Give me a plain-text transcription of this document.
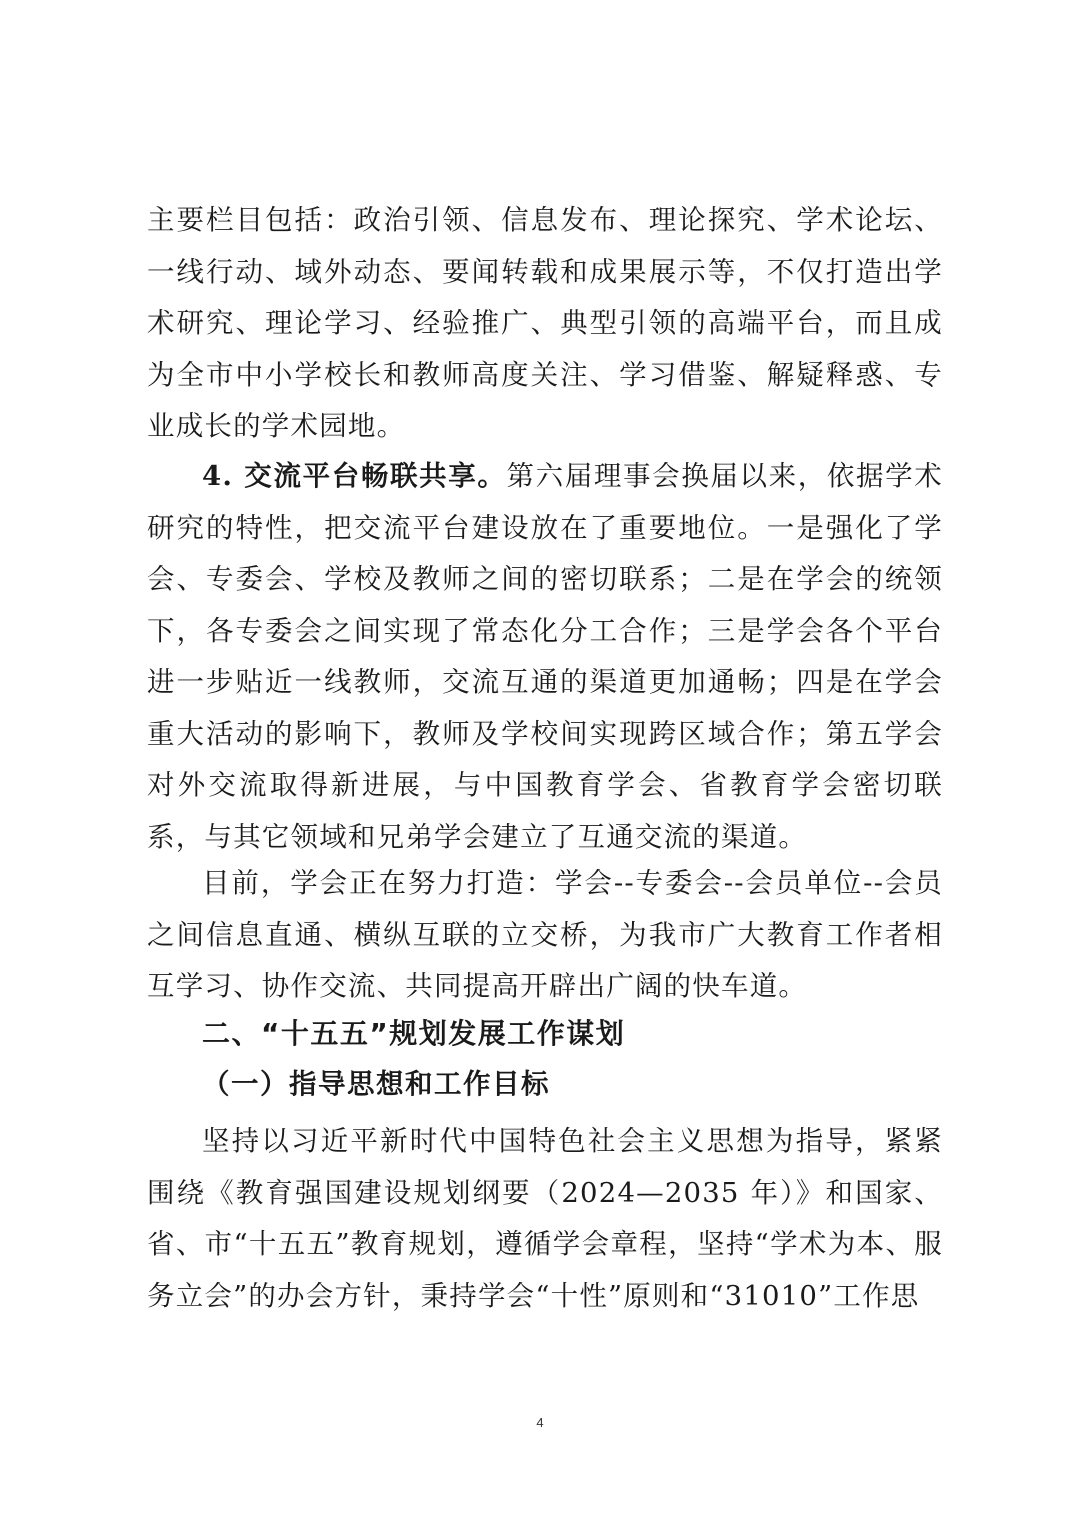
主要栏目包括：政治引领、信息发布、理论探究、学术论坛、一线行动、域外动态、要闻转载和成果展示等，不仅打造出学术研究、理论学习、经验推广、典型引领的高端平台，而且成为全市中小学校长和教师高度关注、学习借鉴、解疑释惑、专业成长的学术园地。
4. 交流平台畅联共享。第六届理事会换届以来，依据学术研究的特性，把交流平台建设放在了重要地位。一是强化了学会、专委会、学校及教师之间的密切联系；二是在学会的统领下，各专委会之间实现了常态化分工合作；三是学会各个平台进一步贴近一线教师，交流互通的渠道更加通畅；四是在学会重大活动的影响下，教师及学校间实现跨区域合作；第五学会对外交流取得新进展，与中国教育学会、省教育学会密切联系，与其它领域和兄弟学会建立了互通交流的渠道。
目前，学会正在努力打造：学会--专委会--会员单位--会员之间信息直通、横纵互联的立交桥，为我市广大教育工作者相互学习、协作交流、共同提高开辟出广阔的快车道。
二、“十五五”规划发展工作谋划
（一）指导思想和工作目标
坚持以习近平新时代中国特色社会主义思想为指导，紧紧围绕《教育强国建设规划纲要（2024—2035 年）》和国家、省、市“十五五”教育规划，遵循学会章程，坚持“学术为本、服务立会”的办会方针，秉持学会“十性”原则和“31010”工作思
4
